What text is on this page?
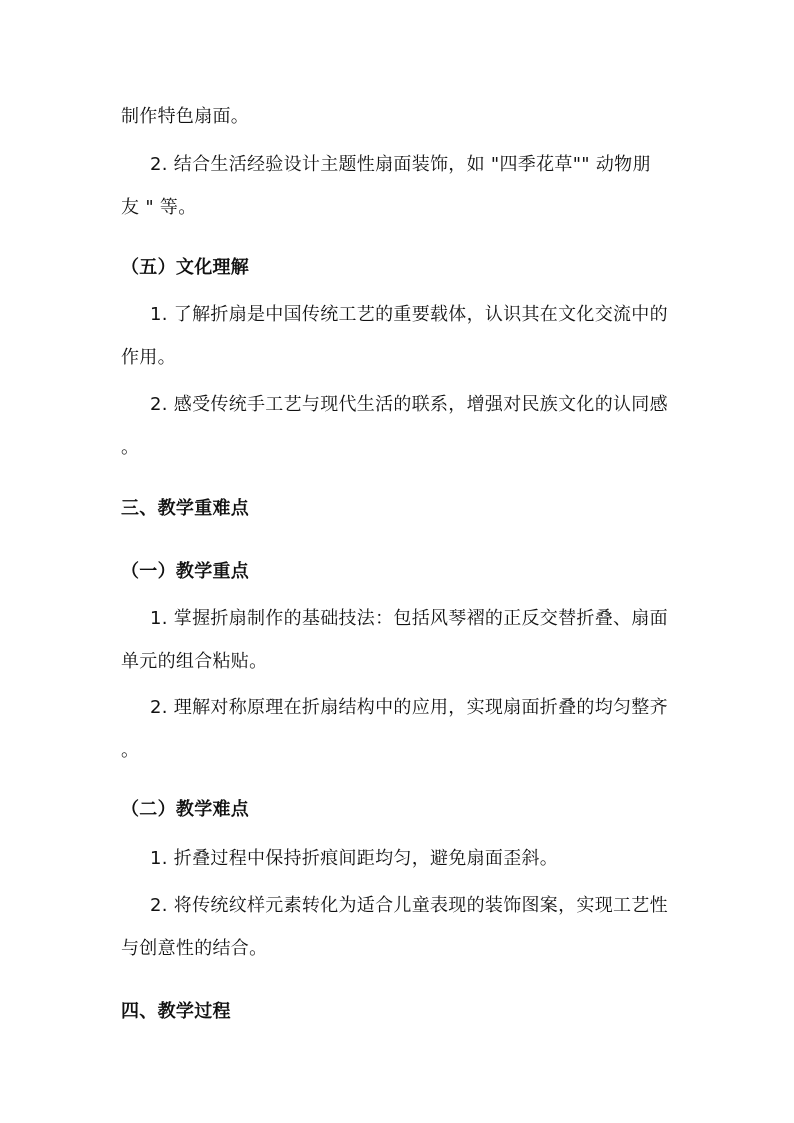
制作特色扇面。
2. 结合生活经验设计主题性扇面装饰，如 "四季花草"" 动物朋
友 " 等。
（五）文化理解
1. 了解折扇是中国传统工艺的重要载体，认识其在文化交流中的
作用。
2. 感受传统手工艺与现代生活的联系，增强对民族文化的认同感
。
三、教学重难点
（一）教学重点
1. 掌握折扇制作的基础技法：包括风琴褶的正反交替折叠、扇面
单元的组合粘贴。
2. 理解对称原理在折扇结构中的应用，实现扇面折叠的均匀整齐
。
（二）教学难点
1. 折叠过程中保持折痕间距均匀，避免扇面歪斜。
2. 将传统纹样元素转化为适合儿童表现的装饰图案，实现工艺性
与创意性的结合。
四、教学过程
